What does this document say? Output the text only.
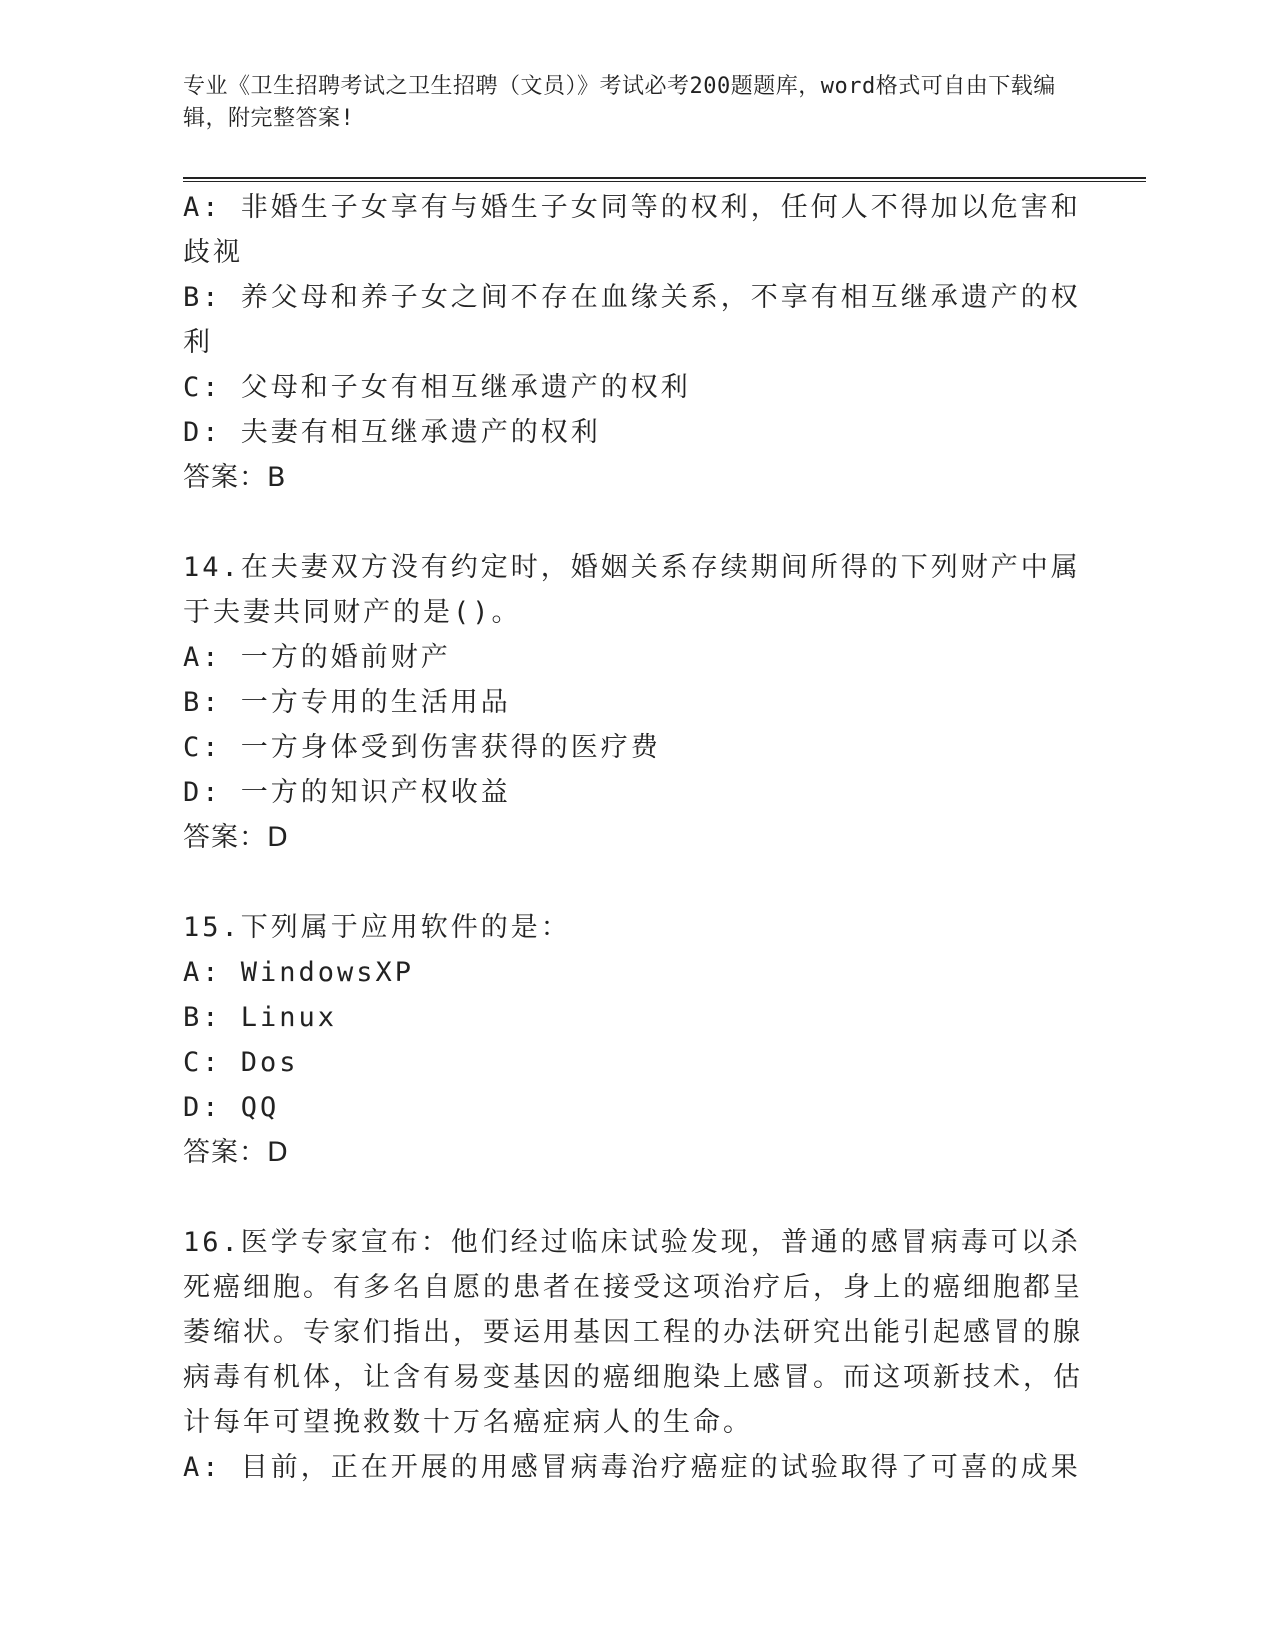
专业《卫生招聘考试之卫生招聘（文员）》考试必考200题题库，word格式可自由下载编辑，附完整答案!
A: 非婚生子女享有与婚生子女同等的权利，任何人不得加以危害和歧视
B: 养父母和养子女之间不存在血缘关系，不享有相互继承遗产的权利
C: 父母和子女有相互继承遗产的权利
D: 夫妻有相互继承遗产的权利
答案：B
14.在夫妻双方没有约定时，婚姻关系存续期间所得的下列财产中属于夫妻共同财产的是()。
A: 一方的婚前财产
B: 一方专用的生活用品
C: 一方身体受到伤害获得的医疗费
D: 一方的知识产权收益
答案：D
15.下列属于应用软件的是：
A: WindowsXP
B: Linux
C: Dos
D: QQ
答案：D
16.医学专家宣布：他们经过临床试验发现，普通的感冒病毒可以杀死癌细胞。有多名自愿的患者在接受这项治疗后，身上的癌细胞都呈萎缩状。专家们指出，要运用基因工程的办法研究出能引起感冒的腺病毒有机体，让含有易变基因的癌细胞染上感冒。而这项新技术，估计每年可望挽救数十万名癌症病人的生命。
A: 目前，正在开展的用感冒病毒治疗癌症的试验取得了可喜的成果
